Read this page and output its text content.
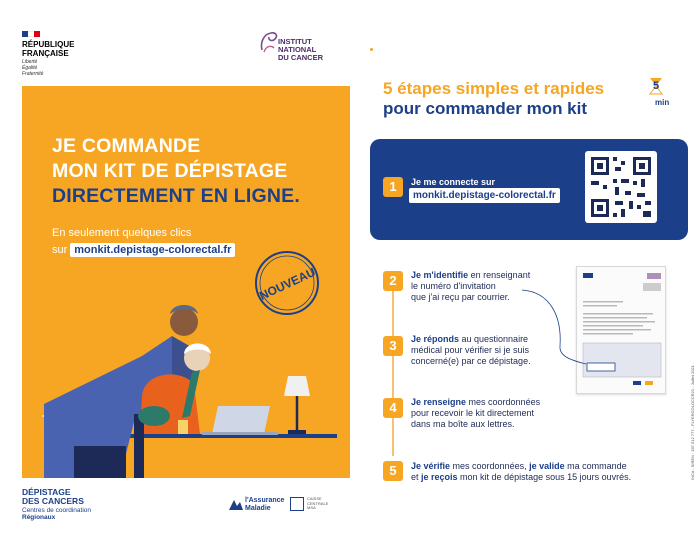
RÉPUBLIQUE
FRANÇAISE
Liberté
Égalité
Fraternité
INSTITUT
NATIONAL
DU CANCER
JE COMMANDE
MON KIT DE DÉPISTAGE
DIRECTEMENT EN LIGNE.
En seulement quelques clics
sur monkit.depistage-colorectal.fr
NOUVEAU
DÉPISTAGE
DES CANCERS
Centres de coordination
Régionaux
l'Assurance
Maladie
CAISSE
CENTRALE
MSA
5 étapes simples et rapides
pour commander mon kit
5
min
1	Je me connecte sur
monkit.depistage-colorectal.fr
2	Je m'identifie en renseignant
le numéro d'invitation
que j'ai reçu par courrier.
3	Je réponds au questionnaire
médical pour vérifier si je suis
concerné(e) par ce dépistage.
4	Je renseigne mes coordonnées
pour recevoir le kit directement
dans ma boîte aux lettres.
5	Je vérifie mes coordonnées, je valide ma commande
et je reçois mon kit de dépistage sous 15 jours ouvrés.	INCa - SIREN : 187 512 777 - FLYERCOLOCCR21 - Juillet 2021
